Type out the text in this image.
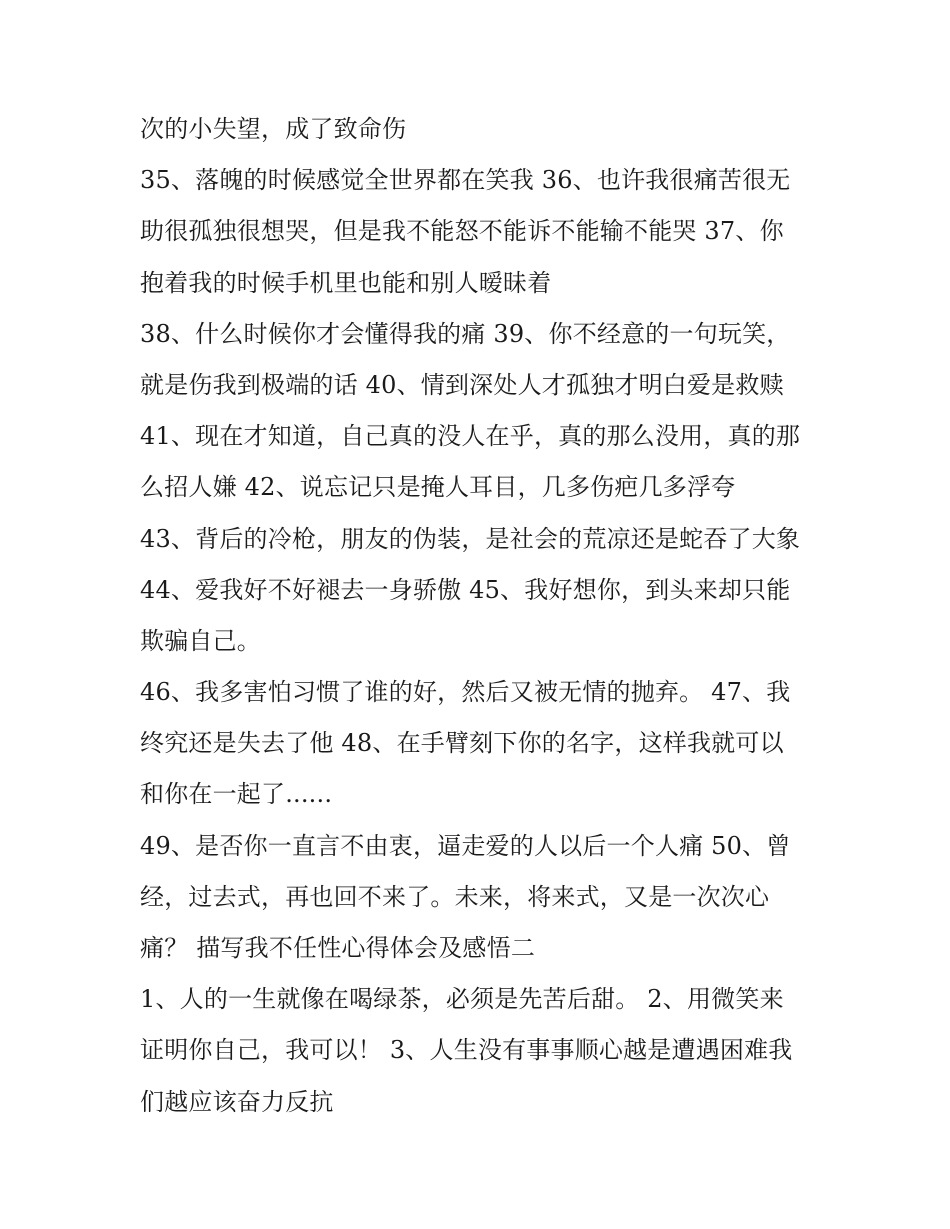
次的小失望，成了致命伤
35、落魄的时候感觉全世界都在笑我 36、也许我很痛苦很无
助很孤独很想哭，但是我不能怒不能诉不能输不能哭 37、你
抱着我的时候手机里也能和别人暧昧着
38、什么时候你才会懂得我的痛 39、你不经意的一句玩笑，
就是伤我到极端的话 40、情到深处人才孤独才明白爱是救赎
41、现在才知道，自己真的没人在乎，真的那么没用，真的那
么招人嫌 42、说忘记只是掩人耳目，几多伤疤几多浮夸
43、背后的冷枪，朋友的伪装，是社会的荒凉还是蛇吞了大象
44、爱我好不好褪去一身骄傲 45、我好想你，到头来却只能
欺骗自己。
46、我多害怕习惯了谁的好，然后又被无情的抛弃。 47、我
终究还是失去了他 48、在手臂刻下你的名字，这样我就可以
和你在一起了......
49、是否你一直言不由衷，逼走爱的人以后一个人痛 50、曾
经，过去式，再也回不来了。未来，将来式，又是一次次心
痛？ 描写我不任性心得体会及感悟二
1、人的一生就像在喝绿茶，必须是先苦后甜。 2、用微笑来
证明你自己，我可以！ 3、人生没有事事顺心越是遭遇困难我
们越应该奋力反抗
